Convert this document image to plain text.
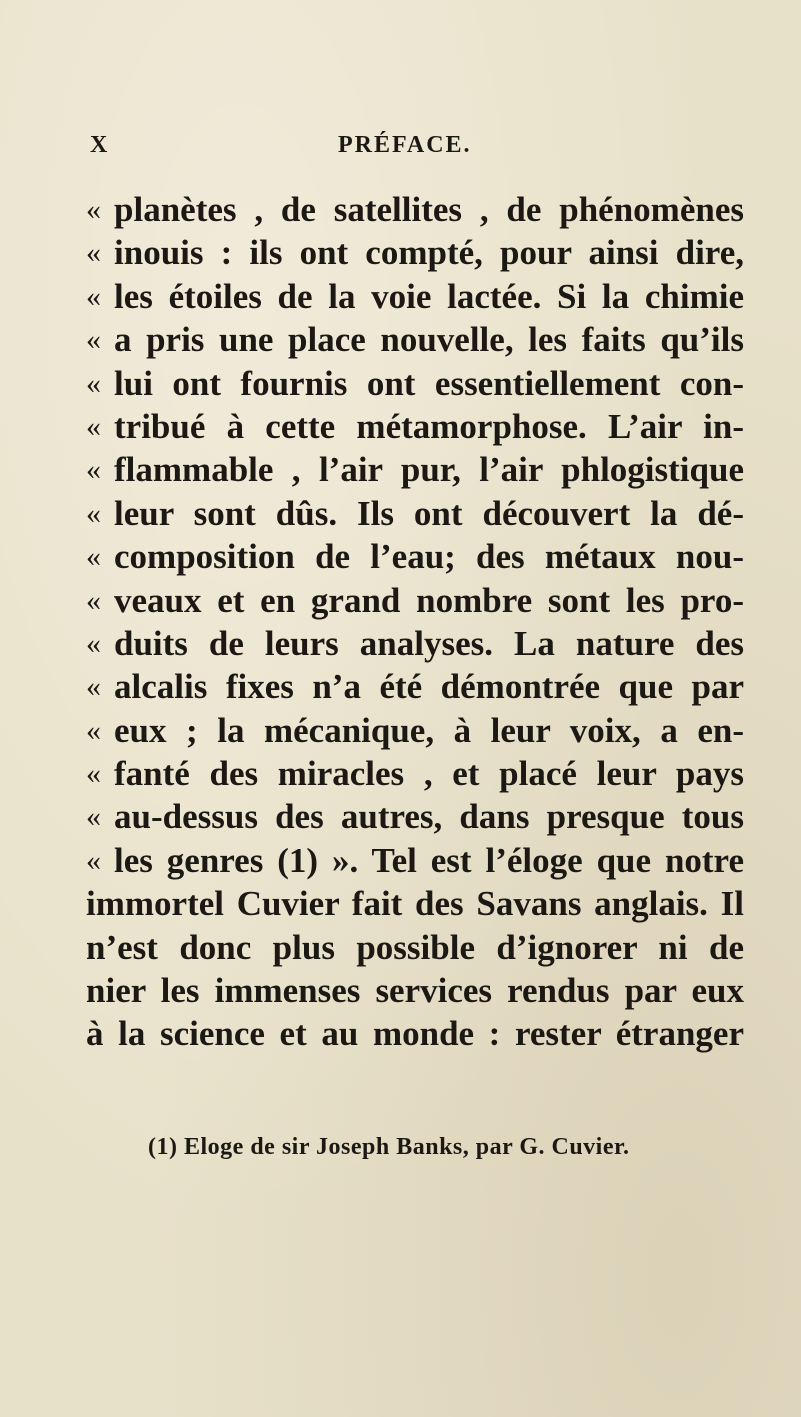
X	PRÉFACE.
« planètes , de satellites , de phénomènes
« inouis : ils ont compté, pour ainsi dire,
« les étoiles de la voie lactée. Si la chimie
« a pris une place nouvelle, les faits qu’ils
« lui ont fournis ont essentiellement con-
« tribué à cette métamorphose. L’air in-
« flammable , l’air pur, l’air phlogistique
« leur sont dûs. Ils ont découvert la dé-
« composition de l’eau; des métaux nou-
« veaux et en grand nombre sont les pro-
« duits de leurs analyses. La nature des
« alcalis fixes n’a été démontrée que par
« eux ; la mécanique, à leur voix, a en-
« fanté des miracles , et placé leur pays
« au-dessus des autres, dans presque tous
« les genres (1) ». Tel est l’éloge que notre
immortel Cuvier fait des Savans anglais. Il
n’est donc plus possible d’ignorer ni de
nier les immenses services rendus par eux
à la science et au monde : rester étranger
(1) Eloge de sir Joseph Banks, par G. Cuvier.
